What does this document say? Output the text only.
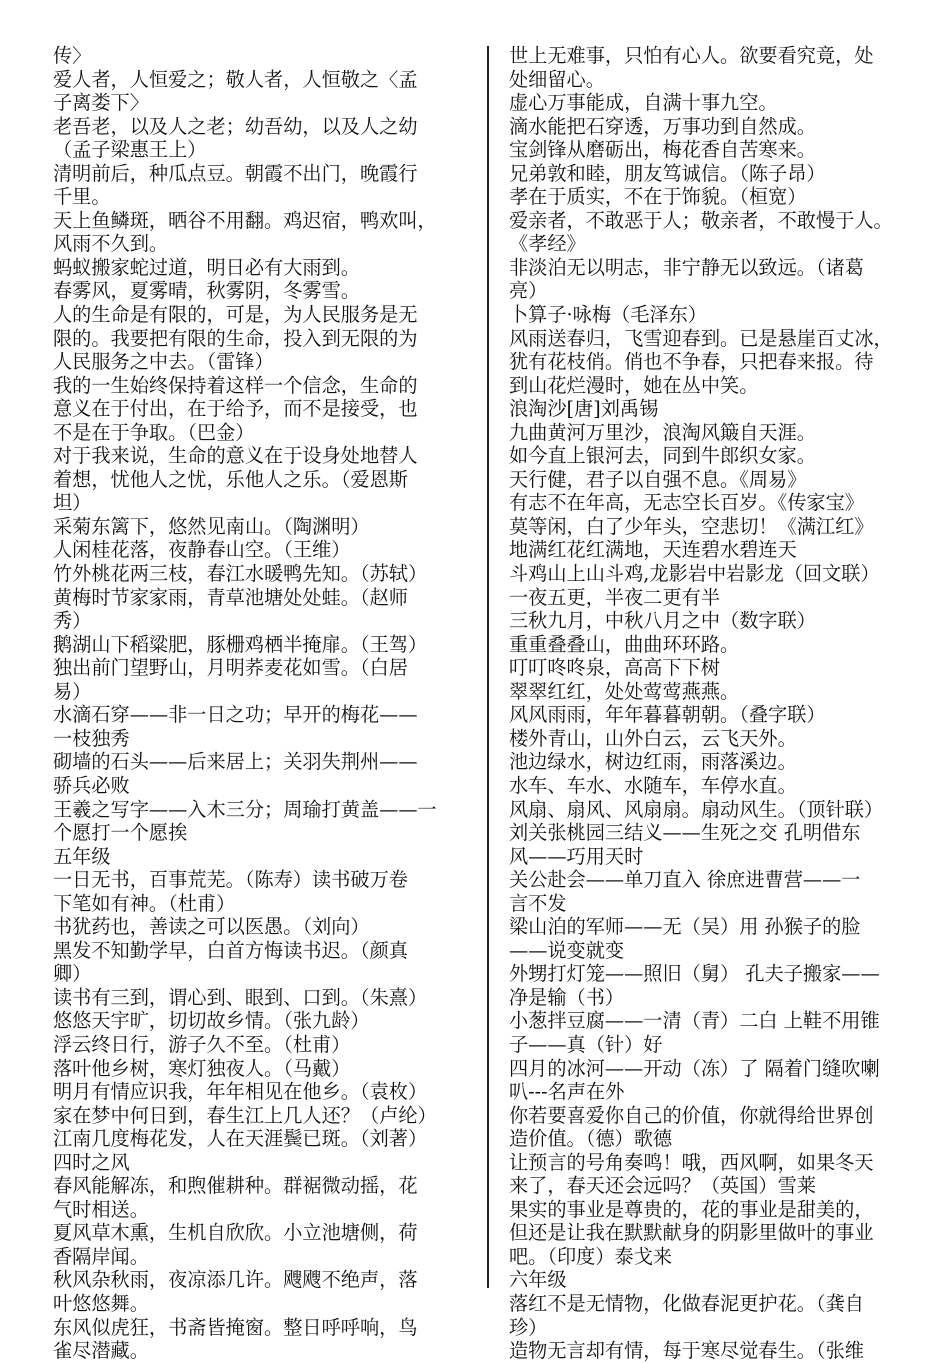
传〉
爱人者，人恒爱之；敬人者，人恒敬之〈孟
子离娄下〉
老吾老，以及人之老；幼吾幼，以及人之幼
（孟子梁惠王上）
清明前后，种瓜点豆。朝霞不出门，晚霞行
千里。
天上鱼鳞斑，晒谷不用翻。鸡迟宿，鸭欢叫，
风雨不久到。
蚂蚁搬家蛇过道，明日必有大雨到。
春雾风，夏雾晴，秋雾阴，冬雾雪。
人的生命是有限的，可是，为人民服务是无
限的。我要把有限的生命，投入到无限的为
人民服务之中去。（雷锋）
我的一生始终保持着这样一个信念，生命的
意义在于付出，在于给予，而不是接受，也
不是在于争取。（巴金）
对于我来说，生命的意义在于设身处地替人
着想，忧他人之忧，乐他人之乐。（爱恩斯
坦）
采菊东篱下，悠然见南山。（陶渊明）
人闲桂花落，夜静春山空。（王维）
竹外桃花两三枝，春江水暖鸭先知。（苏轼）
黄梅时节家家雨，青草池塘处处蛙。（赵师
秀）
鹅湖山下稻粱肥，豚栅鸡栖半掩扉。（王驾）
独出前门望野山，月明荞麦花如雪。（白居
易）
水滴石穿——非一日之功；早开的梅花——
一枝独秀
砌墙的石头——后来居上；关羽失荆州——
骄兵必败
王羲之写字——入木三分；周瑜打黄盖——一
个愿打一个愿挨
五年级
一日无书，百事荒芜。（陈寿）读书破万卷
下笔如有神。（杜甫）
书犹药也，善读之可以医愚。（刘向）
黑发不知勤学早，白首方悔读书迟。（颜真
卿）
读书有三到，谓心到、眼到、口到。（朱熹）
悠悠天宇旷，切切故乡情。（张九龄）
浮云终日行，游子久不至。（杜甫）
落叶他乡树，寒灯独夜人。（马戴）
明月有情应识我，年年相见在他乡。（袁枚）
家在梦中何日到，春生江上几人还？（卢纶）
江南几度梅花发，人在天涯鬓已斑。（刘著）
四时之风
春风能解冻，和煦催耕种。群裾微动摇，花
气时相送。
夏风草木熏，生机自欣欣。小立池塘侧，荷
香隔岸闻。
秋风杂秋雨，夜凉添几许。飕飕不绝声，落
叶悠悠舞。
东风似虎狂，书斋皆掩窗。整日呼呼响，鸟
雀尽潜藏。
世上无难事，只怕有心人。欲要看究竟，处
处细留心。
虚心万事能成，自满十事九空。
滴水能把石穿透，万事功到自然成。
宝剑锋从磨砺出，梅花香自苦寒来。
兄弟敦和睦，朋友笃诚信。（陈子昂）
孝在于质实，不在于饰貌。（桓宽）
爱亲者，不敢恶于人；敬亲者，不敢慢于人。
《孝经》
非淡泊无以明志，非宁静无以致远。（诸葛
亮）
卜算子·咏梅（毛泽东）
风雨送春归，飞雪迎春到。已是悬崖百丈冰，
犹有花枝俏。俏也不争春，只把春来报。待
到山花烂漫时，她在丛中笑。
浪淘沙[唐]刘禹锡
九曲黄河万里沙，浪淘风簸自天涯。
如今直上银河去，同到牛郎织女家。
天行健，君子以自强不息。《周易》
有志不在年高，无志空长百岁。《传家宝》
莫等闲，白了少年头，空悲切！《满江红》
地满红花红满地，天连碧水碧连天
斗鸡山上山斗鸡,龙影岩中岩影龙（回文联）
一夜五更，半夜二更有半
三秋九月，中秋八月之中（数字联）
重重叠叠山，曲曲环环路。
叮叮咚咚泉，高高下下树
翠翠红红，处处莺莺燕燕。
风风雨雨，年年暮暮朝朝。（叠字联）
楼外青山，山外白云，云飞天外。
池边绿水，树边红雨，雨落溪边。
水车、车水、水随车，车停水直。
风扇、扇风、风扇扇。扇动风生。（顶针联）
刘关张桃园三结义——生死之交 孔明借东
风——巧用天时
关公赴会——单刀直入 徐庶进曹营——一
言不发
梁山泊的军师——无（吴）用 孙猴子的脸
——说变就变
外甥打灯笼——照旧（舅） 孔夫子搬家——
净是输（书）
小葱拌豆腐——一清（青）二白 上鞋不用锥
子——真（针）好
四月的冰河——开动（冻）了 隔着门缝吹喇
叭---名声在外
你若要喜爱你自己的价值，你就得给世界创
造价值。（德）歌德
让预言的号角奏鸣！哦，西风啊，如果冬天
来了，春天还会远吗？（英国）雪莱
果实的事业是尊贵的，花的事业是甜美的，
但还是让我在默默献身的阴影里做叶的事业
吧。（印度）泰戈来
六年级
落红不是无情物，化做春泥更护花。（龚自
珍）
造物无言却有情，每于寒尽觉春生。（张维
